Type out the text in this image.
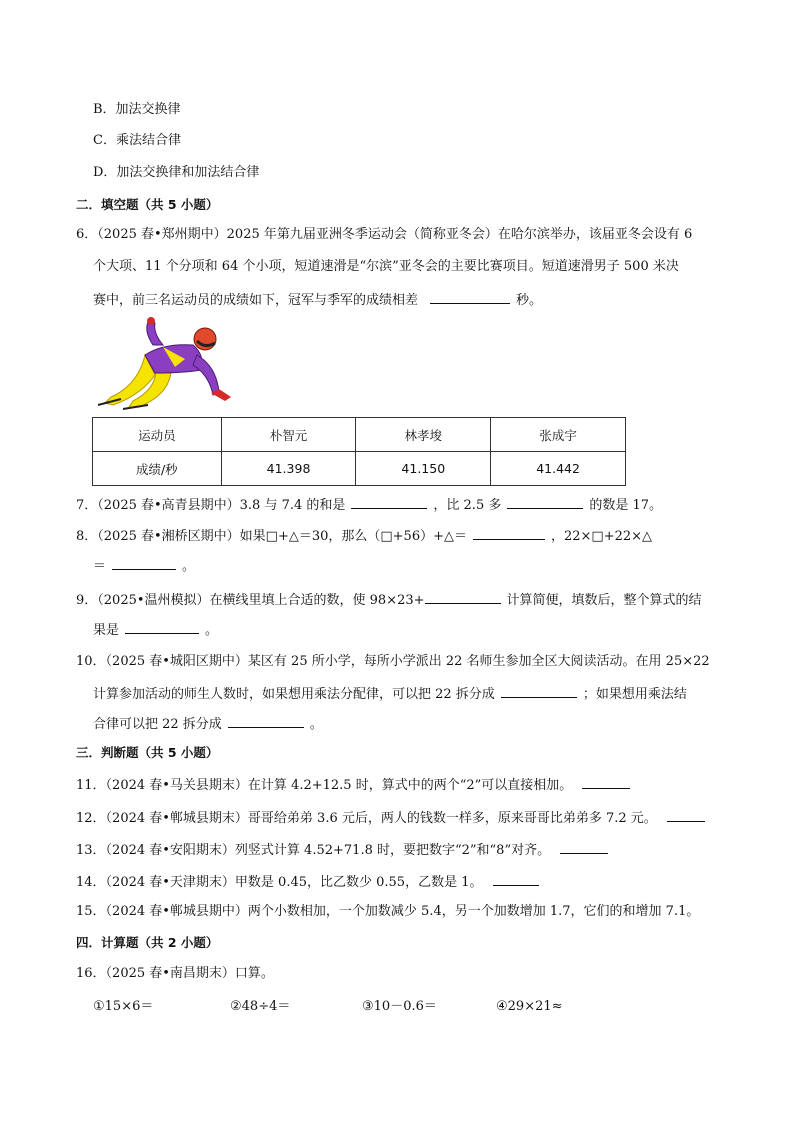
B．加法交换律
C．乘法结合律
D．加法交换律和加法结合律
二．填空题（共 5 小题）
6．（2025 春•郑州期中）2025 年第九届亚洲冬季运动会（简称亚冬会）在哈尔滨举办，该届亚冬会设有 6
个大项、11 个分项和 64 个小项，短道速滑是“尔滨”亚冬会的主要比赛项目。短道速滑男子 500 米决
赛中，前三名运动员的成绩如下，冠军与季军的成绩相差	秒。
运动员	朴智元	林孝埈	张成宇
成绩/秒	41.398	41.150	41.442
7．（2025 春•高青县期中）3.8 与 7.4 的和是	，比 2.5 多	的数是 17。
8．（2025 春•湘桥区期中）如果□+△＝30，那么（□+56）+△＝	，22×□+22×△
＝	。
9．（2025•温州模拟）在横线里填上合适的数，使 98×23+	计算简便，填数后，整个算式的结
果是	。
10．（2025 春•城阳区期中）某区有 25 所小学，每所小学派出 22 名师生参加全区大阅读活动。在用 25×22
计算参加活动的师生人数时，如果想用乘法分配律，可以把 22 拆分成	；如果想用乘法结
合律可以把 22 拆分成	。
三．判断题（共 5 小题）
11．（2024 春•马关县期末）在计算 4.2+12.5 时，算式中的两个“2”可以直接相加。
12．（2024 春•郸城县期末）哥哥给弟弟 3.6 元后，两人的钱数一样多，原来哥哥比弟弟多 7.2 元。
13．（2024 春•安阳期末）列竖式计算 4.52+71.8 时，要把数字“2”和“8”对齐。
14．（2024 春•天津期末）甲数是 0.45，比乙数少 0.55，乙数是 1。
15．（2024 春•郸城县期中）两个小数相加，一个加数减少 5.4，另一个加数增加 1.7，它们的和增加 7.1。
四．计算题（共 2 小题）
16．（2025 春•南昌期末）口算。
①15×6＝	②48÷4＝	③10－0.6＝	④29×21≈
